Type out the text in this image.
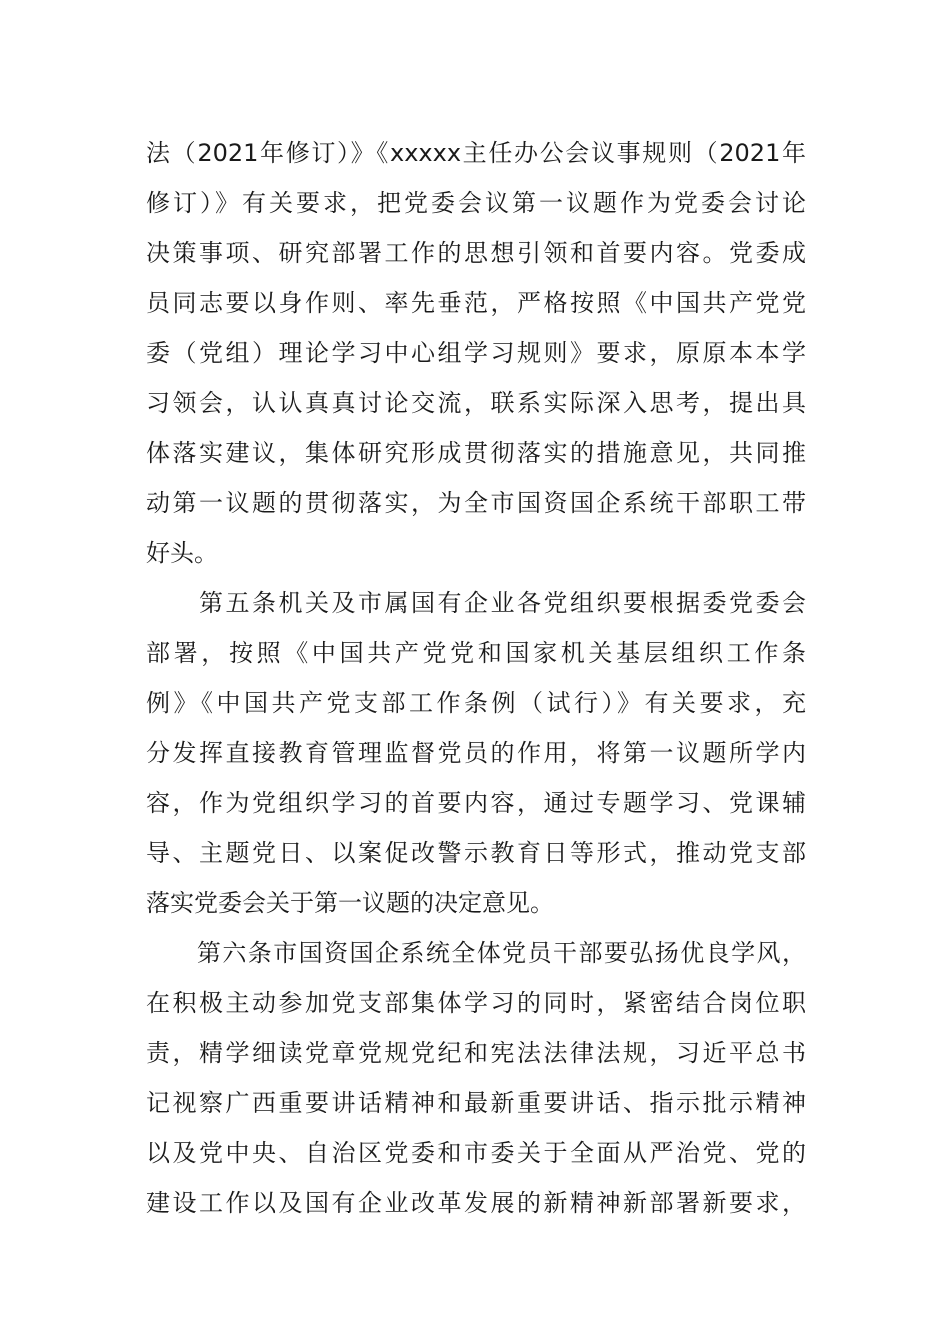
法（2021年修订）》《xxxxx主任办公会议事规则（2021年
修订）》有关要求，把党委会议第一议题作为党委会讨论
决策事项、研究部署工作的思想引领和首要内容。党委成
员同志要以身作则、率先垂范，严格按照《中国共产党党
委（党组）理论学习中心组学习规则》要求，原原本本学
习领会，认认真真讨论交流，联系实际深入思考，提出具
体落实建议，集体研究形成贯彻落实的措施意见，共同推
动第一议题的贯彻落实，为全市国资国企系统干部职工带
好头。
　　第五条机关及市属国有企业各党组织要根据委党委会
部署，按照《中国共产党党和国家机关基层组织工作条
例》《中国共产党支部工作条例（试行）》有关要求，充
分发挥直接教育管理监督党员的作用，将第一议题所学内
容，作为党组织学习的首要内容，通过专题学习、党课辅
导、主题党日、以案促改警示教育日等形式，推动党支部
落实党委会关于第一议题的决定意见。
　　第六条市国资国企系统全体党员干部要弘扬优良学风，
在积极主动参加党支部集体学习的同时，紧密结合岗位职
责，精学细读党章党规党纪和宪法法律法规，习近平总书
记视察广西重要讲话精神和最新重要讲话、指示批示精神
以及党中央、自治区党委和市委关于全面从严治党、党的
建设工作以及国有企业改革发展的新精神新部署新要求，
